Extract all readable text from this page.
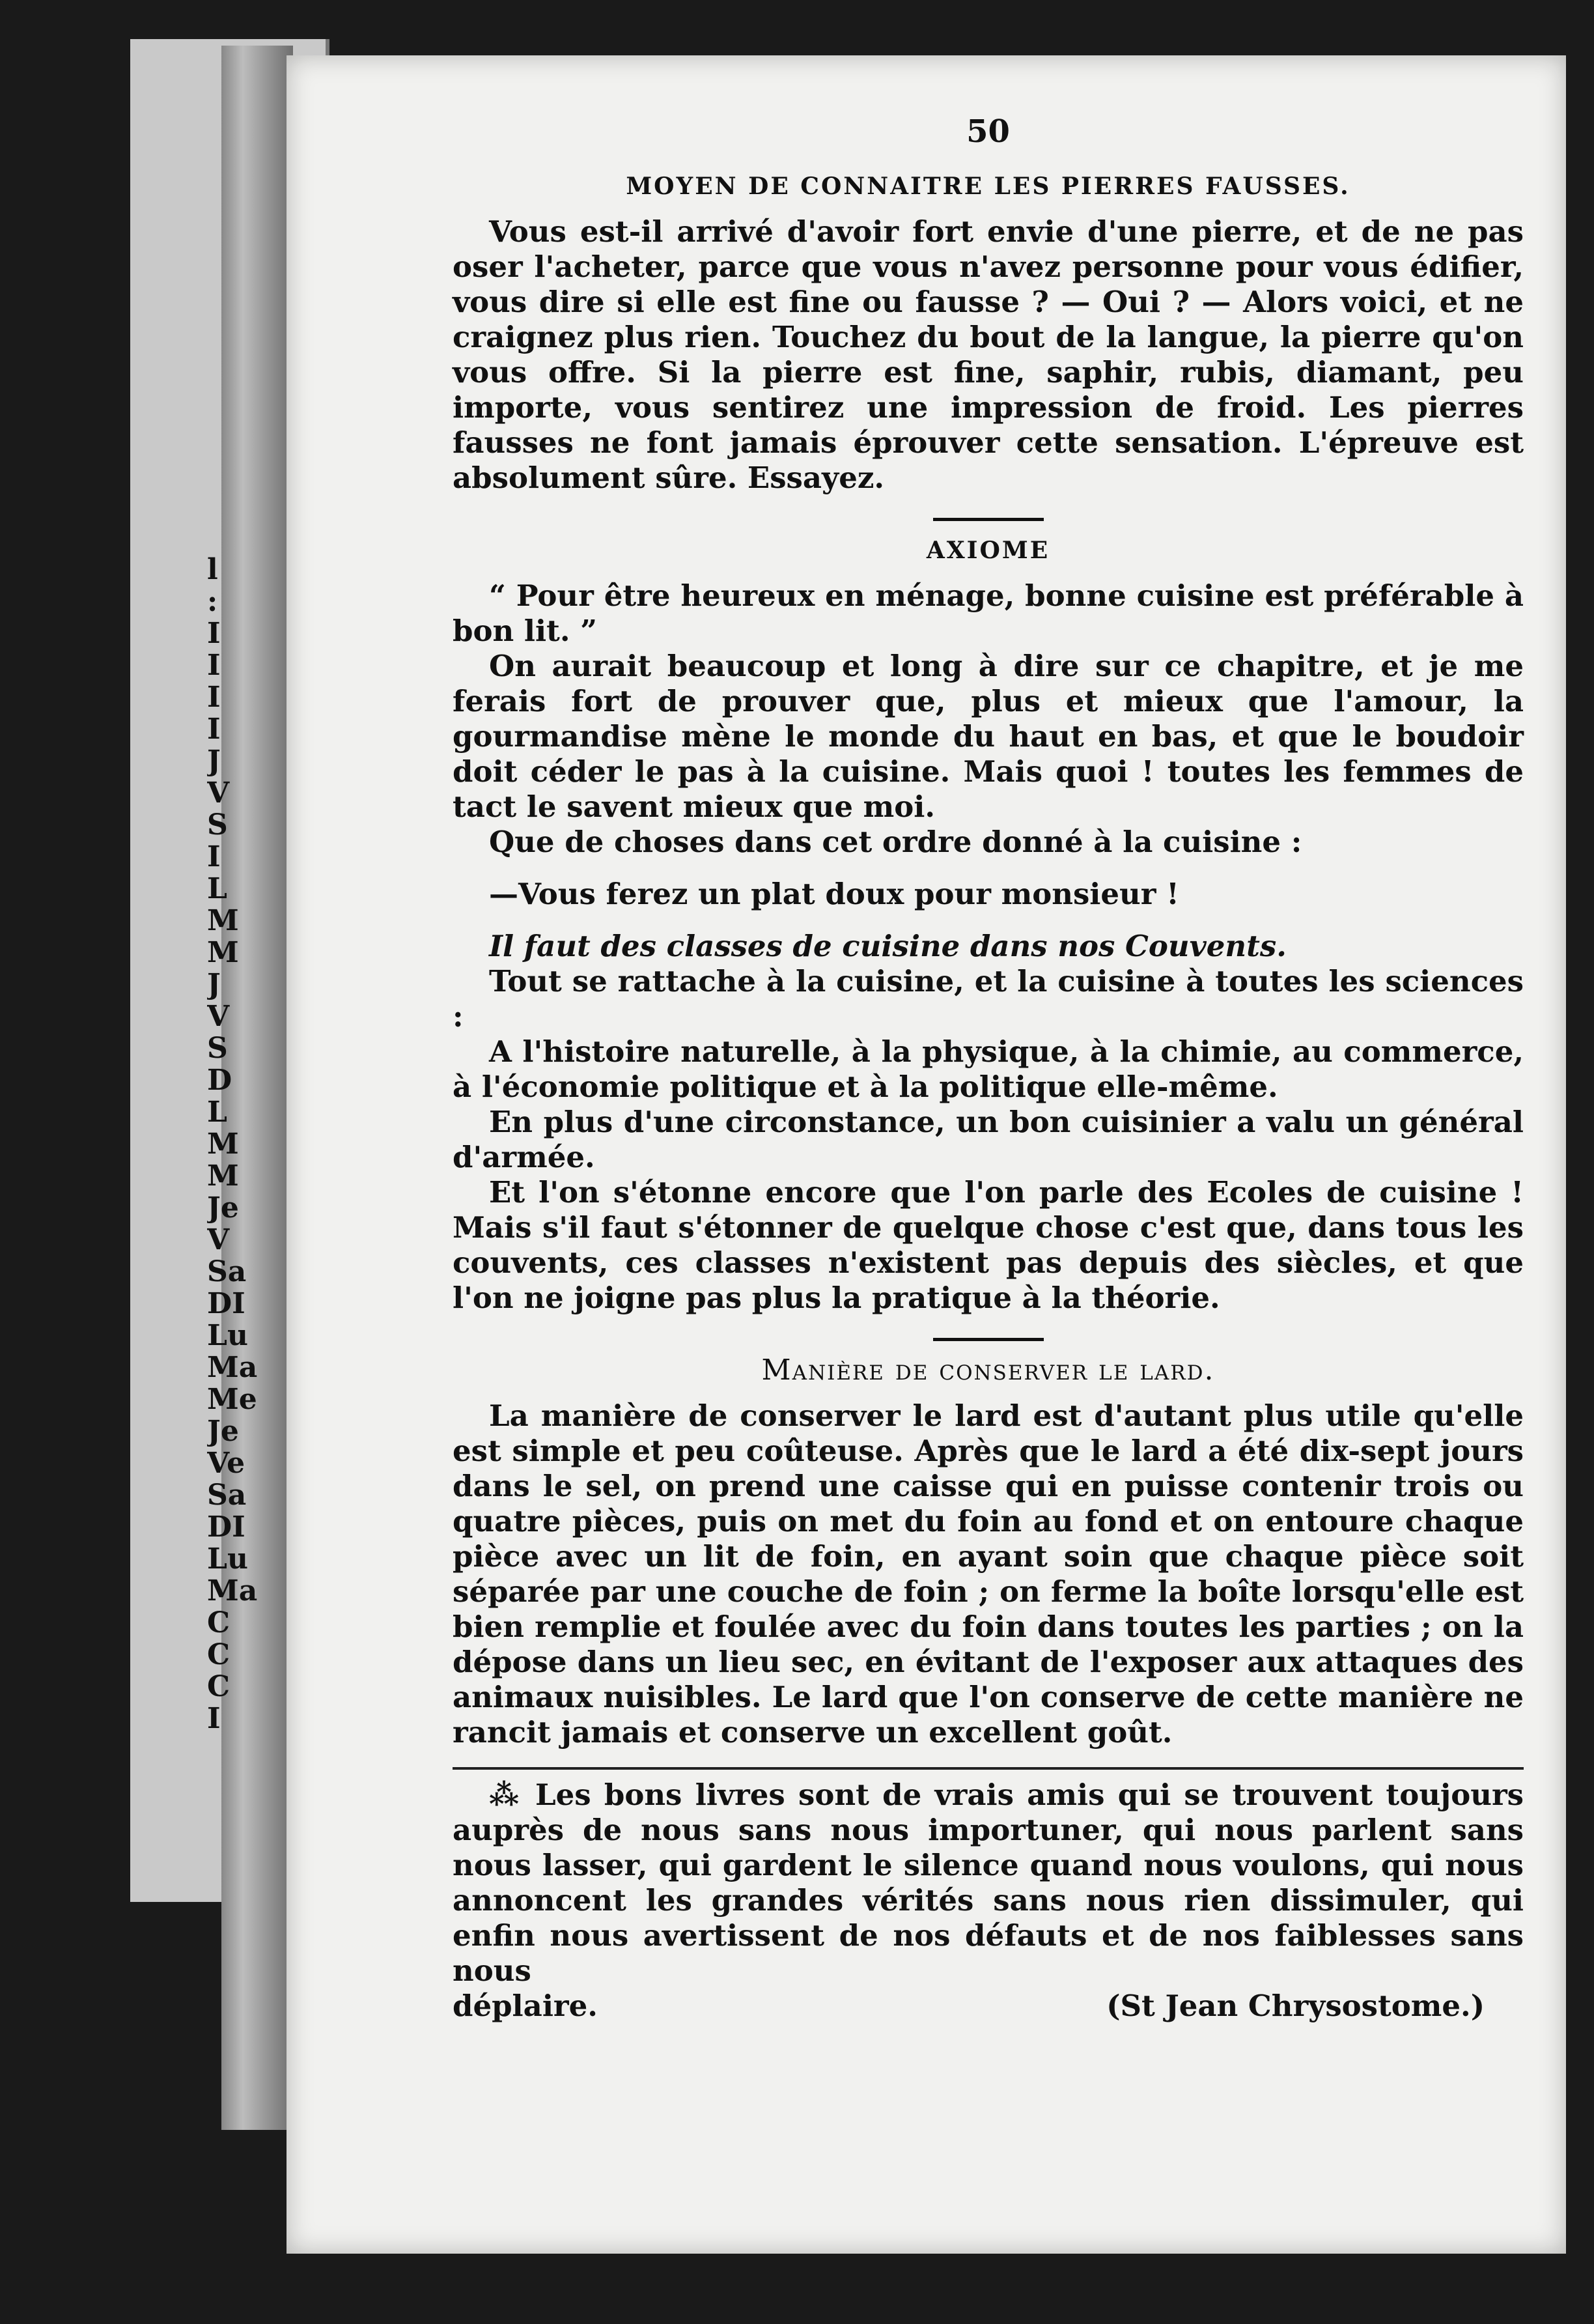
l
:
I
I
I
I
J
V
S
I
L
M
M
J
V
S
D
L
M
M
Je
V
Sa
DI
Lu
Ma
Me
Je
Ve
Sa
DI
Lu
Ma
C
C
C
I
50
MOYEN DE CONNAITRE LES PIERRES FAUSSES.

Vous est-il arrivé d'avoir fort envie d'une pierre, et de ne pas oser l'acheter, parce que vous n'avez personne pour vous édifier, vous dire si elle est fine ou fausse ? — Oui ? — Alors voici, et ne craignez plus rien. Touchez du bout de la langue, la pierre qu'on vous offre. Si la pierre est fine, saphir, rubis, diamant, peu importe, vous sentirez une impression de froid. Les pierres fausses ne font jamais éprouver cette sensation. L'épreuve est absolument sûre. Essayez.

AXIOME

“ Pour être heureux en ménage, bonne cuisine est préférable à bon lit. ”

On aurait beaucoup et long à dire sur ce chapitre, et je me ferais fort de prouver que, plus et mieux que l'amour, la gourmandise mène le monde du haut en bas, et que le boudoir doit céder le pas à la cuisine. Mais quoi ! toutes les femmes de tact le savent mieux que moi.

Que de choses dans cet ordre donné à la cuisine :

—Vous ferez un plat doux pour monsieur !

Il faut des classes de cuisine dans nos Couvents.

Tout se rattache à la cuisine, et la cuisine à toutes les sciences :

A l'histoire naturelle, à la physique, à la chimie, au commerce, à l'économie politique et à la politique elle-même.

En plus d'une circonstance, un bon cuisinier a valu un général d'armée.

Et l'on s'étonne encore que l'on parle des Ecoles de cuisine ! Mais s'il faut s'étonner de quelque chose c'est que, dans tous les couvents, ces classes n'existent pas depuis des siècles, et que l'on ne joigne pas plus la pratique à la théorie.

Manière de conserver le lard.

La manière de conserver le lard est d'autant plus utile qu'elle est simple et peu coûteuse. Après que le lard a été dix-sept jours dans le sel, on prend une caisse qui en puisse contenir trois ou quatre pièces, puis on met du foin au fond et on entoure chaque pièce avec un lit de foin, en ayant soin que chaque pièce soit séparée par une couche de foin ; on ferme la boîte lorsqu'elle est bien remplie et foulée avec du foin dans toutes les parties ; on la dépose dans un lieu sec, en évitant de l'exposer aux attaques des animaux nuisibles. Le lard que l'on conserve de cette manière ne rancit jamais et conserve un excellent goût.

⁂ Les bons livres sont de vrais amis qui se trouvent toujours auprès de nous sans nous importuner, qui nous parlent sans nous lasser, qui gardent le silence quand nous voulons, qui nous annoncent les grandes vérités sans nous rien dissimuler, qui enfin nous avertissent de nos défauts et de nos faiblesses sans nous

déplaire.	(St Jean Chrysostome.)
